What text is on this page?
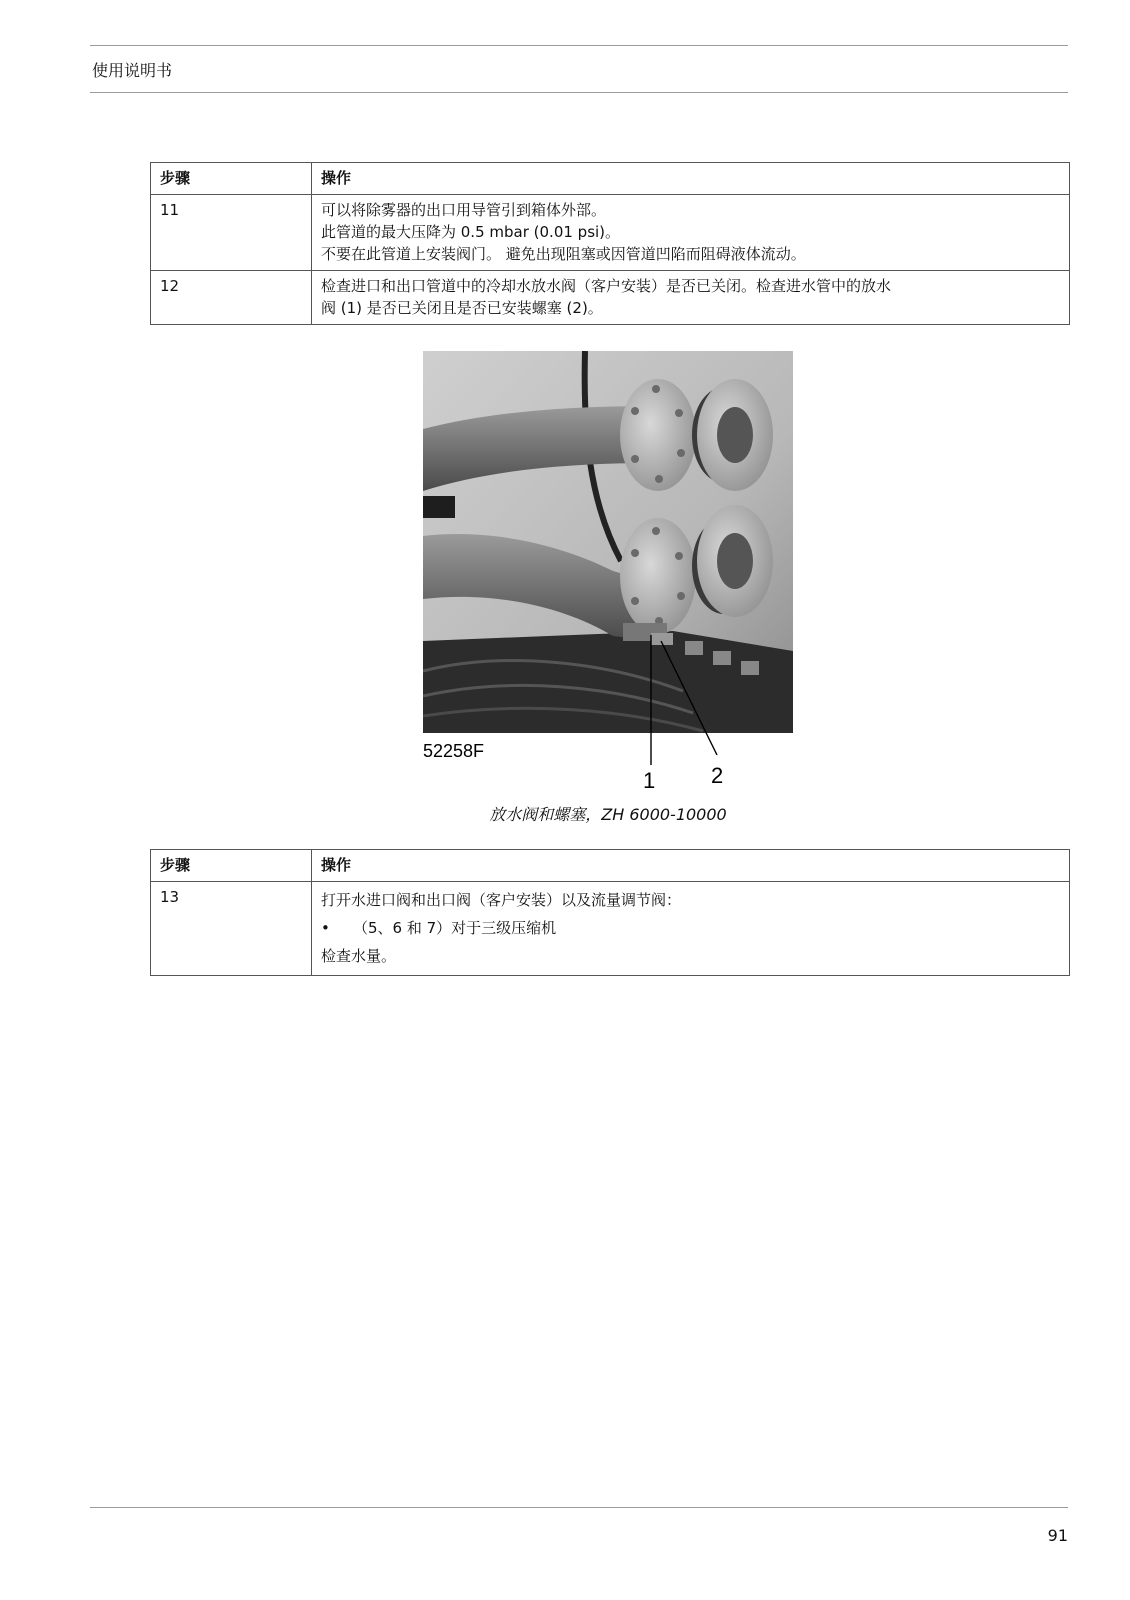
使用说明书
步骤	操作
11	可以将除雾器的出口用导管引到箱体外部。
此管道的最大压降为 0.5 mbar (0.01 psi)。
不要在此管道上安装阀门。 避免出现阻塞或因管道凹陷而阻碍液体流动。

12	检查进口和出口管道中的冷却水放水阀（客户安装）是否已关闭。检查进水管中的放水
阀 (1) 是否已关闭且是否已安装螺塞 (2)。
52258F
1	2
放水阀和螺塞，ZH 6000-10000
步骤	操作
13	打开水进口阀和出口阀（客户安装）以及流量调节阀：
• （5、6 和 7）对于三级压缩机
检查水量。
91
